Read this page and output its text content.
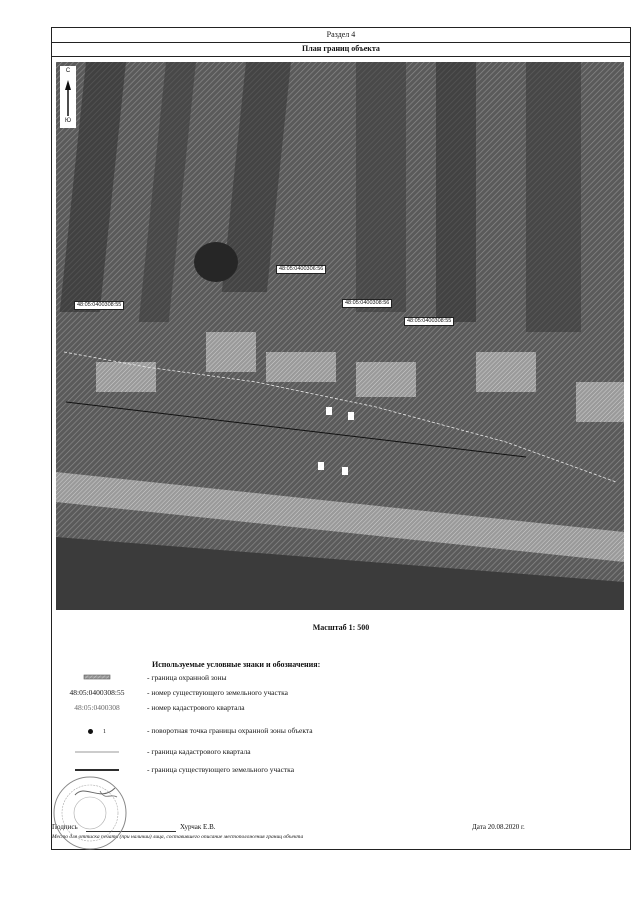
Раздел 4
План границ объекта
С
Ю
48:05:0400308:55
48:05:0400306:56
48:05:0400308:56
48:05:0400308:55
Масштаб 1: 500
Используемые условные знаки и обозначения:
- граница охранной зоны
48:05:0400308:55	- номер существующего земельного участка
48:05:0400308	- номер кадастрового квартала
1	- поворотная точка границы охранной зоны объекта
- граница кадастрового квартала
- граница существующего земельного участка
Подпись	Хурчак Е.В.	Дата 20.08.2020 г.
Место для оттиска печати (при наличии) лица, составившего описание местоположения границ объекта
